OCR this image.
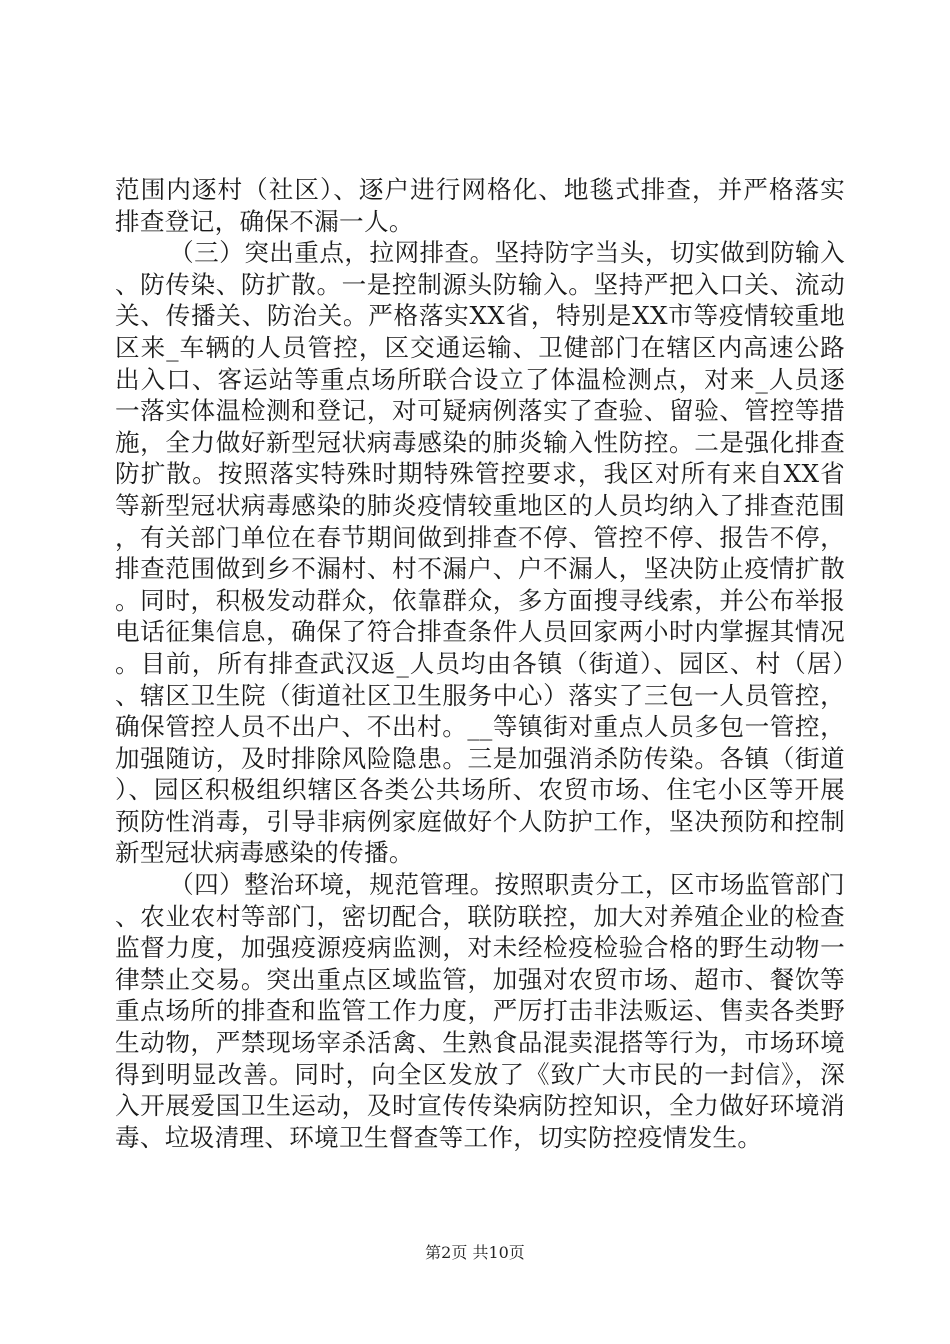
范围内逐村（社区）、逐户进行网格化、地毯式排查，并严格落实排查登记，确保不漏一人。

（三）突出重点，拉网排查。坚持防字当头，切实做到防输入、防传染、防扩散。一是控制源头防输入。坚持严把入口关、流动关、传播关、防治关。严格落实XX省，特别是XX市等疫情较重地区来_车辆的人员管控，区交通运输、卫健部门在辖区内高速公路出入口、客运站等重点场所联合设立了体温检测点，对来_人员逐一落实体温检测和登记，对可疑病例落实了查验、留验、管控等措施，全力做好新型冠状病毒感染的肺炎输入性防控。二是强化排查防扩散。按照落实特殊时期特殊管控要求，我区对所有来自XX省等新型冠状病毒感染的肺炎疫情较重地区的人员均纳入了排查范围，有关部门单位在春节期间做到排查不停、管控不停、报告不停，排查范围做到乡不漏村、村不漏户、户不漏人，坚决防止疫情扩散。同时，积极发动群众，依靠群众，多方面搜寻线索，并公布举报电话征集信息，确保了符合排查条件人员回家两小时内掌握其情况。目前，所有排查武汉返_人员均由各镇（街道）、园区、村（居）、辖区卫生院（街道社区卫生服务中心）落实了三包一人员管控，确保管控人员不出户、不出村。__等镇街对重点人员多包一管控，加强随访，及时排除风险隐患。三是加强消杀防传染。各镇（街道）、园区积极组织辖区各类公共场所、农贸市场、住宅小区等开展预防性消毒，引导非病例家庭做好个人防护工作，坚决预防和控制新型冠状病毒感染的传播。

（四）整治环境，规范管理。按照职责分工，区市场监管部门、农业农村等部门，密切配合，联防联控，加大对养殖企业的检查监督力度，加强疫源疫病监测，对未经检疫检验合格的野生动物一律禁止交易。突出重点区域监管，加强对农贸市场、超市、餐饮等重点场所的排查和监管工作力度，严厉打击非法贩运、售卖各类野生动物，严禁现场宰杀活禽、生熟食品混卖混搭等行为，市场环境得到明显改善。同时，向全区发放了《致广大市民的一封信》，深入开展爱国卫生运动，及时宣传传染病防控知识，全力做好环境消毒、垃圾清理、环境卫生督查等工作，切实防控疫情发生。

第2页 共10页
